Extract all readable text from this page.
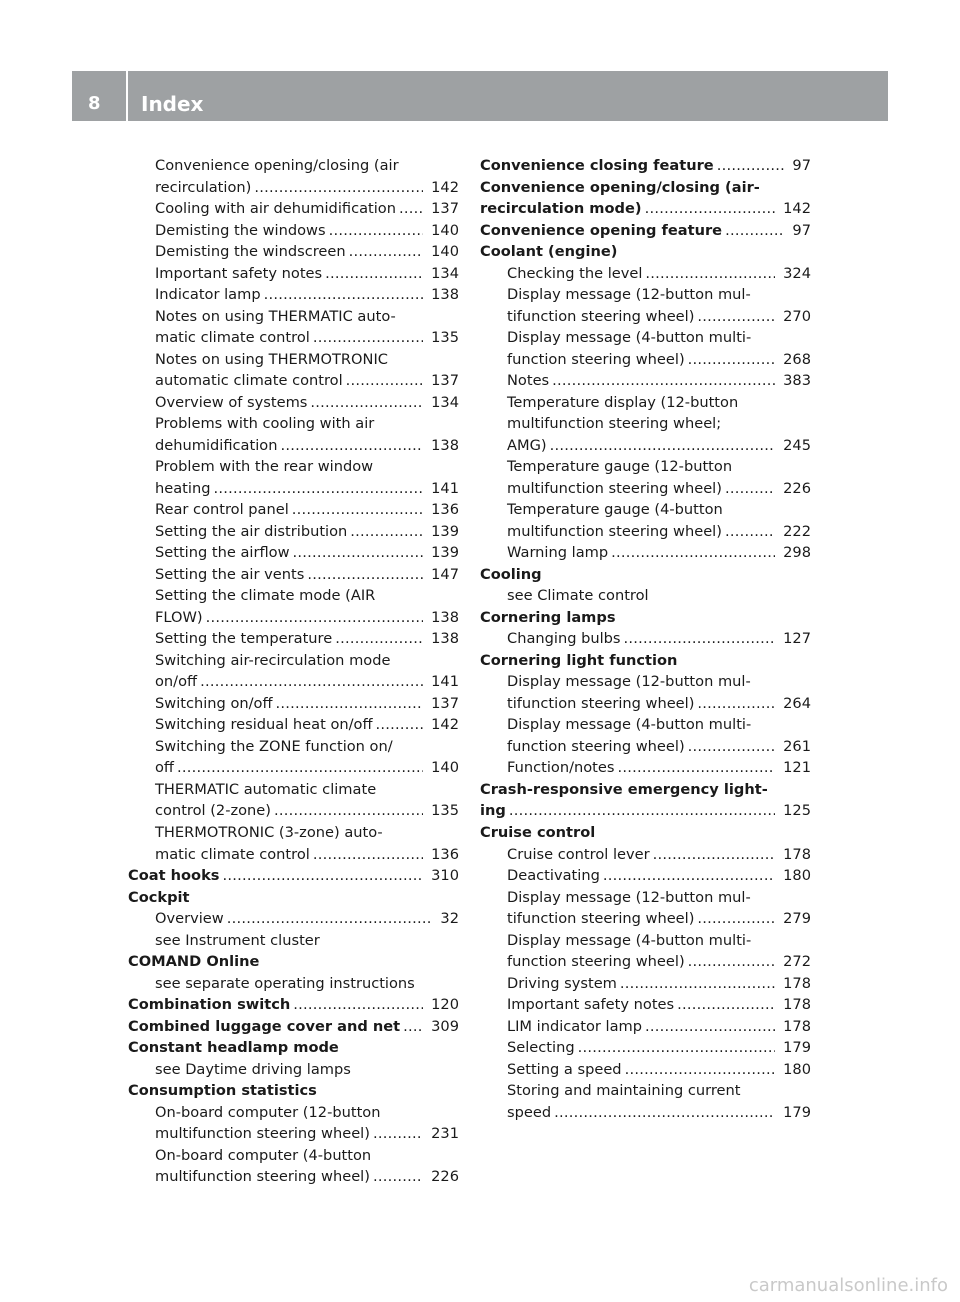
8	Index
Convenience opening/closing (air
recirculation) . . .	142
Cooling with air dehumidification . . .	137
Demisting the windows . . .	140
Demisting the windscreen . . .	140
Important safety notes . . .	134
Indicator lamp . . .	138
Notes on using THERMATIC auto-
matic climate control . . .	135
Notes on using THERMOTRONIC
automatic climate control . . .	137
Overview of systems . . .	134
Problems with cooling with air
dehumidification . . .	138
Problem with the rear window
heating . . .	141
Rear control panel . . .	136
Setting the air distribution . . .	139
Setting the airflow . . .	139
Setting the air vents . . .	147
Setting the climate mode (AIR
FLOW) . . .	138
Setting the temperature . . .	138
Switching air-recirculation mode
on/off . . .	141
Switching on/off . . .	137
Switching residual heat on/off . . .	142
Switching the ZONE function on/
off . . .	140
THERMATIC automatic climate
control (2-zone) . . .	135
THERMOTRONIC (3-zone) auto-
matic climate control . . .	136
Coat hooks . . .	310
Cockpit
Overview . . .	32
see Instrument cluster
COMAND Online
see separate operating instructions
Combination switch . . .	120
Combined luggage cover and net . . .	309
Constant headlamp mode
see Daytime driving lamps
Consumption statistics
On-board computer (12-button
multifunction steering wheel) . . .	231
On-board computer (4-button
multifunction steering wheel) . . .	226
Convenience closing feature . . .	97
Convenience opening/closing (air-
recirculation mode) . . .	142
Convenience opening feature . . .	97
Coolant (engine)
Checking the level . . .	324
Display message (12-button mul-
tifunction steering wheel) . . .	270
Display message (4-button multi-
function steering wheel) . . .	268
Notes . . .	383
Temperature display (12-button
multifunction steering wheel;
AMG) . . .	245
Temperature gauge (12-button
multifunction steering wheel) . . .	226
Temperature gauge (4-button
multifunction steering wheel) . . .	222
Warning lamp . . .	298
Cooling
see Climate control
Cornering lamps
Changing bulbs . . .	127
Cornering light function
Display message (12-button mul-
tifunction steering wheel) . . .	264
Display message (4-button multi-
function steering wheel) . . .	261
Function/notes . . .	121
Crash-responsive emergency light-
ing . . .	125
Cruise control
Cruise control lever . . .	178
Deactivating . . .	180
Display message (12-button mul-
tifunction steering wheel) . . .	279
Display message (4-button multi-
function steering wheel) . . .	272
Driving system . . .	178
Important safety notes . . .	178
LIM indicator lamp . . .	178
Selecting . . .	179
Setting a speed . . .	180
Storing and maintaining current
speed . . .	179
carmanualsonline.info
